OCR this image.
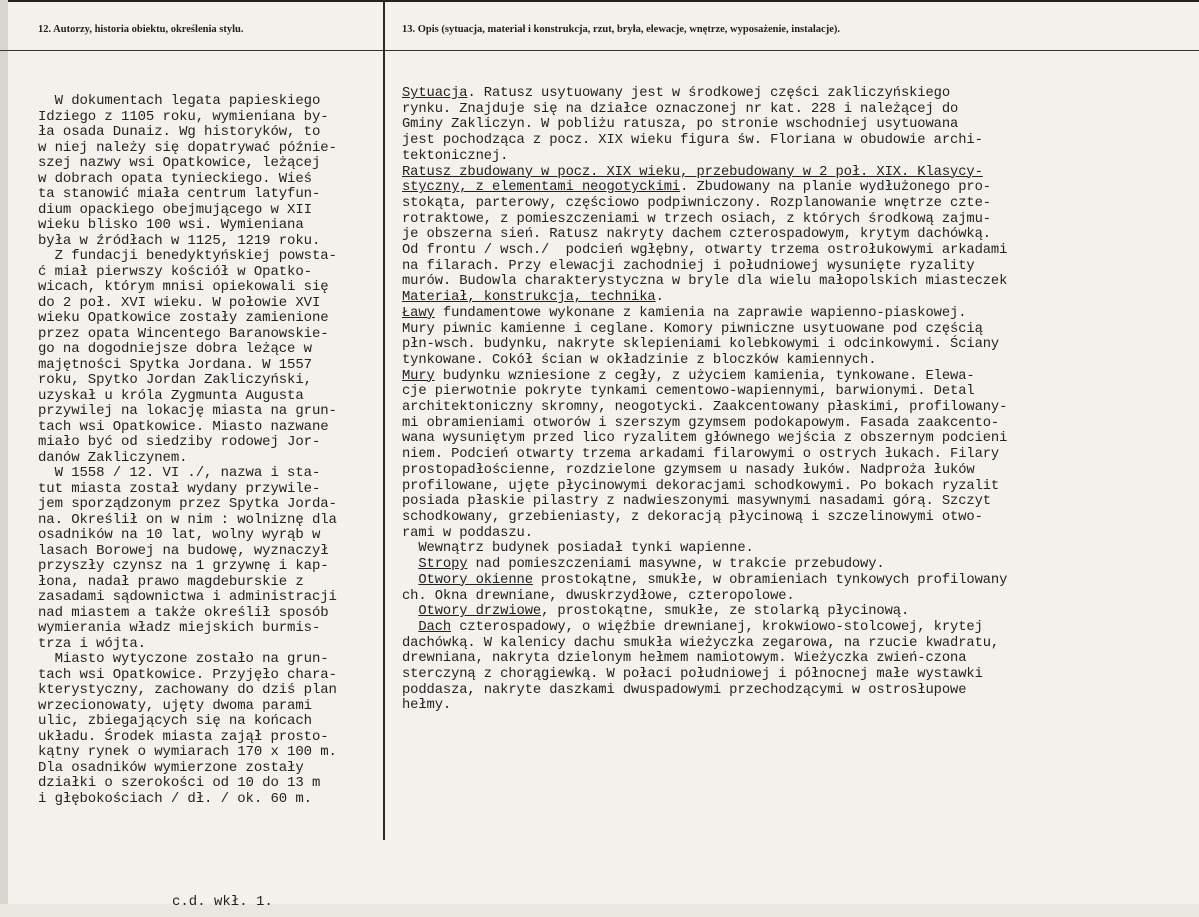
12. Autorzy, historia obiektu, określenia stylu.	13. Opis (sytuacja, materiał i konstrukcja, rzut, bryła, elewacje, wnętrze, wyposażenie, instalacje).
W dokumentach legata papieskiego
Idziego z 1105 roku, wymieniana by-
ła osada Dunaiz. Wg historyków, to
w niej należy się dopatrywać późnie-
szej nazwy wsi Opatkowice, leżącej
w dobrach opata tynieckiego. Wieś
ta stanowić miała centrum latyfun-
dium opackiego obejmującego w XII
wieku blisko 100 wsi. Wymieniana
była w źródłach w 1125, 1219 roku.
Z fundacji benedyktyńskiej powsta-
ć miał pierwszy kościół w Opatko-
wicach, którym mnisi opiekowali się
do 2 poł. XVI wieku. W połowie XVI
wieku Opatkowice zostały zamienione
przez opata Wincentego Baranowskie-
go na dogodniejsze dobra leżące w
majętności Spytka Jordana. W 1557
roku, Spytko Jordan Zakliczyński,
uzyskał u króla Zygmunta Augusta
przywilej na lokację miasta na grun-
tach wsi Opatkowice. Miasto nazwane
miało być od siedziby rodowej Jor-
danów Zakliczynem.
W 1558 / 12. VI ./, nazwa i sta-
tut miasta został wydany przywile-
jem sporządzonym przez Spytka Jorda-
na. Określił on w nim : wolniznę dla
osadników na 10 lat, wolny wyrąb w
lasach Borowej na budowę, wyznaczył
przyszły czynsz na 1 grzywnę i kap-
łona, nadał prawo magdeburskie z
zasadami sądownictwa i administracji
nad miastem a także określił sposób
wymierania władz miejskich burmis-
trza i wójta.
Miasto wytyczone zostało na grun-
tach wsi Opatkowice. Przyjęło chara-
kterystyczny, zachowany do dziś plan
wrzecionowaty, ujęty dwoma parami
ulic, zbiegających się na końcach
układu. Środek miasta zajął prosto-
kątny rynek o wymiarach 170 x 100 m.
Dla osadników wymierzone zostały
działki o szerokości od 10 do 13 m
i głębokościach / dł. / ok. 60 m.
Sytuacja. Ratusz usytuowany jest w środkowej części zakliczyńskiego
rynku. Znajduje się na działce oznaczonej nr kat. 228 i należącej do
Gminy Zakliczyn. W pobliżu ratusza, po stronie wschodniej usytuowana
jest pochodząca z pocz. XIX wieku figura św. Floriana w obudowie archi-
tektonicznej.
Ratusz zbudowany w pocz. XIX wieku, przebudowany w 2 poł. XIX. Klasycy-
styczny, z elementami neogotyckimi. Zbudowany na planie wydłużonego pro-
stokąta, parterowy, częściowo podpiwniczony. Rozplanowanie wnętrze czte-
rotraktowe, z pomieszczeniami w trzech osiach, z których środkową zajmu-
je obszerna sień. Ratusz nakryty dachem czterospadowym, krytym dachówką.
Od frontu / wsch./  podcień wgłębny, otwarty trzema ostrołukowymi arkadami
na filarach. Przy elewacji zachodniej i południowej wysunięte ryzality
murów. Budowla charakterystyczna w bryle dla wielu małopolskich miasteczek
Materiał, konstrukcja, technika.
Ławy fundamentowe wykonane z kamienia na zaprawie wapienno-piaskowej.
Mury piwnic kamienne i ceglane. Komory piwniczne usytuowane pod częścią
płn-wsch. budynku, nakryte sklepieniami kolebkowymi i odcinkowymi. Ściany
tynkowane. Cokół ścian w okładzinie z bloczków kamiennych.
Mury budynku wzniesione z cegły, z użyciem kamienia, tynkowane. Elewa-
cje pierwotnie pokryte tynkami cementowo-wapiennymi, barwionymi. Detal
architektoniczny skromny, neogotycki. Zaakcentowany płaskimi, profilowany-
mi obramieniami otworów i szerszym gzymsem podokapowym. Fasada zaakcento-
wana wysuniętym przed lico ryzalitem głównego wejścia z obszernym podcieni
niem. Podcień otwarty trzema arkadami filarowymi o ostrych łukach. Filary
prostopadłościenne, rozdzielone gzymsem u nasady łuków. Nadproża łuków
profilowane, ujęte płycinowymi dekoracjami schodkowymi. Po bokach ryzalit
posiada płaskie pilastry z nadwieszonymi masywnymi nasadami górą. Szczyt
schodkowany, grzebieniasty, z dekoracją płycinową i szczelinowymi otwo-
rami w poddaszu.
Wewnątrz budynek posiadał tynki wapienne.
Stropy nad pomieszczeniami masywne, w trakcie przebudowy.
Otwory okienne prostokątne, smukłe, w obramieniach tynkowych profilowany
ch. Okna drewniane, dwuskrzydłowe, czteropolowe.
Otwory drzwiowe, prostokątne, smukłe, ze stolarką płycinową.
Dach czterospadowy, o więźbie drewnianej, krokwiowo-stolcowej, krytej
dachówką. W kalenicy dachu smukła wieżyczka zegarowa, na rzucie kwadratu,
drewniana, nakryta dzielonym hełmem namiotowym. Wieżyczka zwień-czona
sterczyną z chorągiewką. W połaci południowej i północnej małe wystawki
poddasza, nakryte daszkami dwuspadowymi przechodzącymi w ostrosłupowe
hełmy.
c.d. wkł. 1.
